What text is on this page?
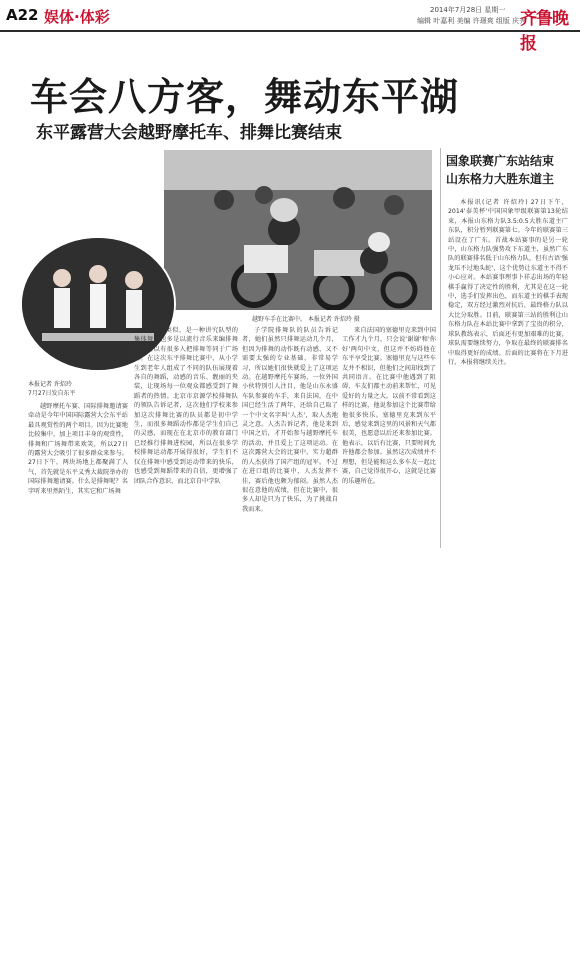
A22 娱体·体彩	2014年7月28日 星期一
编辑 叶嘉利 美编 许璟爽 组版 庆秀
齐鲁晚报
车会八方客，舞动东平湖
东平露营大会越野摩托车、排舞比赛结束
越野车手在比赛中。 本报记者 许炤玲 摄
本报记者 许炤玲
7月27日发自东平

越野摩托车赛、国际排舞邀请赛牵动是今年中国国际露营大会东平站最具观赏性的两个项目。因为比赛地比较集中，加上项目丰身的观赏性，排舞和广场舞带来欢笑，所以27日的露营大会吸引了很多群众来参与。27日下午，两块场地上都聚满了人气，首先就是东平义秀大裁院举办的国际排舞邀请赛。什么是排舞呢？名字听来里然陌生，其实它和广场舞

的形式类似，是一种讲究队型的集体舞，也多是以流行音乐来编排舞蹈，所以有很多人把排舞等同于广场舞。在这次东平排舞比赛中，从小学生到老年人组成了不同的队伍展现着各自的舞蹈，动感的音乐、靓丽的夹装，让现场每一位观众都感受到了舞蹈者的热情。北京市京源学校排舞队的领队告诉记者，这次他们学校来参加这次排舞比赛的队员都是初中学生，而很多舞蹈动作都是学生们自己的灵感，而现在在北京市的教育部门已经推行排舞进校园，所以在很多学校排舞运动都开展得很好，学生们不仅在排舞中感受到运动带来的快乐，也感受到舞蹈带来的自信，更增强了团队合作意识，而北京自中学队

子学院排舞队的队员告诉记者，她们虽然只排舞运动几个月，但因为排舞的动作既有动感、又不需要太强的专业基础，非常易学习，所以她们很快就爱上了这项运动。在越野摩托车赛场，一位外国小伙特别引人注目，他是山东永盛车队参赛的车手，来自法国，在中国已经生活了两年，还给自己取了一个中文名字叫'人杰'，取人杰地灵之意。人杰告诉记者，他是来到中国之后，才开始参与越野摩托车的活动，并且爱上了这项运动。在这次露营大会的比赛中，实力超群的人杰获得了国产组的冠军。不过在进口组的比赛中，人杰发挥不佳，赛后他也颇为郁闷。虽然人杰很在意他的成绩，但在比赛中，很多人却是只为了快乐，为了挑战自我而来。

来自法国的塞德里克来到中国工作才九个月，只会说'谢谢'和'你好'两句中文，但这并不妨碍他在东平享受比赛。塞德里克与这些车友并不相识，但他们之间却找到了共同语言。在比赛中他遇到了阻碍，车友们都主动前来帮忙，可见爱好的力量之大。以前不常看到这样的比赛，他说参加这个比赛带给他很多快乐。塞德里克来到东平后，感觉来到这里的风景和天气都很美，也愿意以后还来参加比赛。他表示，以后有比赛，只要时间允许他都会参加。虽然这次成绩并不理想，但是能和这么多车友一起比赛，自己觉得很开心，这就是比赛的乐趣所在。

国象联赛广东站结束
山东格力大胜东道主

本报讯(记者 许炤玲) 27日下午，2014'泰美杯'中国国象甲级联赛第13轮结束，本报山东格力队3.5:0.5大胜东道主广东队，积分暂列联赛第七。今年的联赛第三站设在了广东。首战本站赛事的是另一轮中，山东格力队强势攻下东道主，虽然广东队的联赛排名低于山东格力队，但有古语'强龙压不过地头蛇'，这个优势让东道主不得不小心应对。本站赛事理事卜祥志出场的年轻棋手赢得了决定性的胜利，尤其是在这一轮中，选手们发挥出色，而东道主的棋手表现稳定，双方经过激烈对抗后，最终格力队以大比分取胜。目前，联赛第三站的胜利让山东格力队在本站比赛中拿到了宝贵的积分，球队教练表示，后面还有更加艰难的比赛，球队需要继续努力，争取在最终的联赛排名中取得更好的成绩。后面的比赛将在下月进行，本报将继续关注。
